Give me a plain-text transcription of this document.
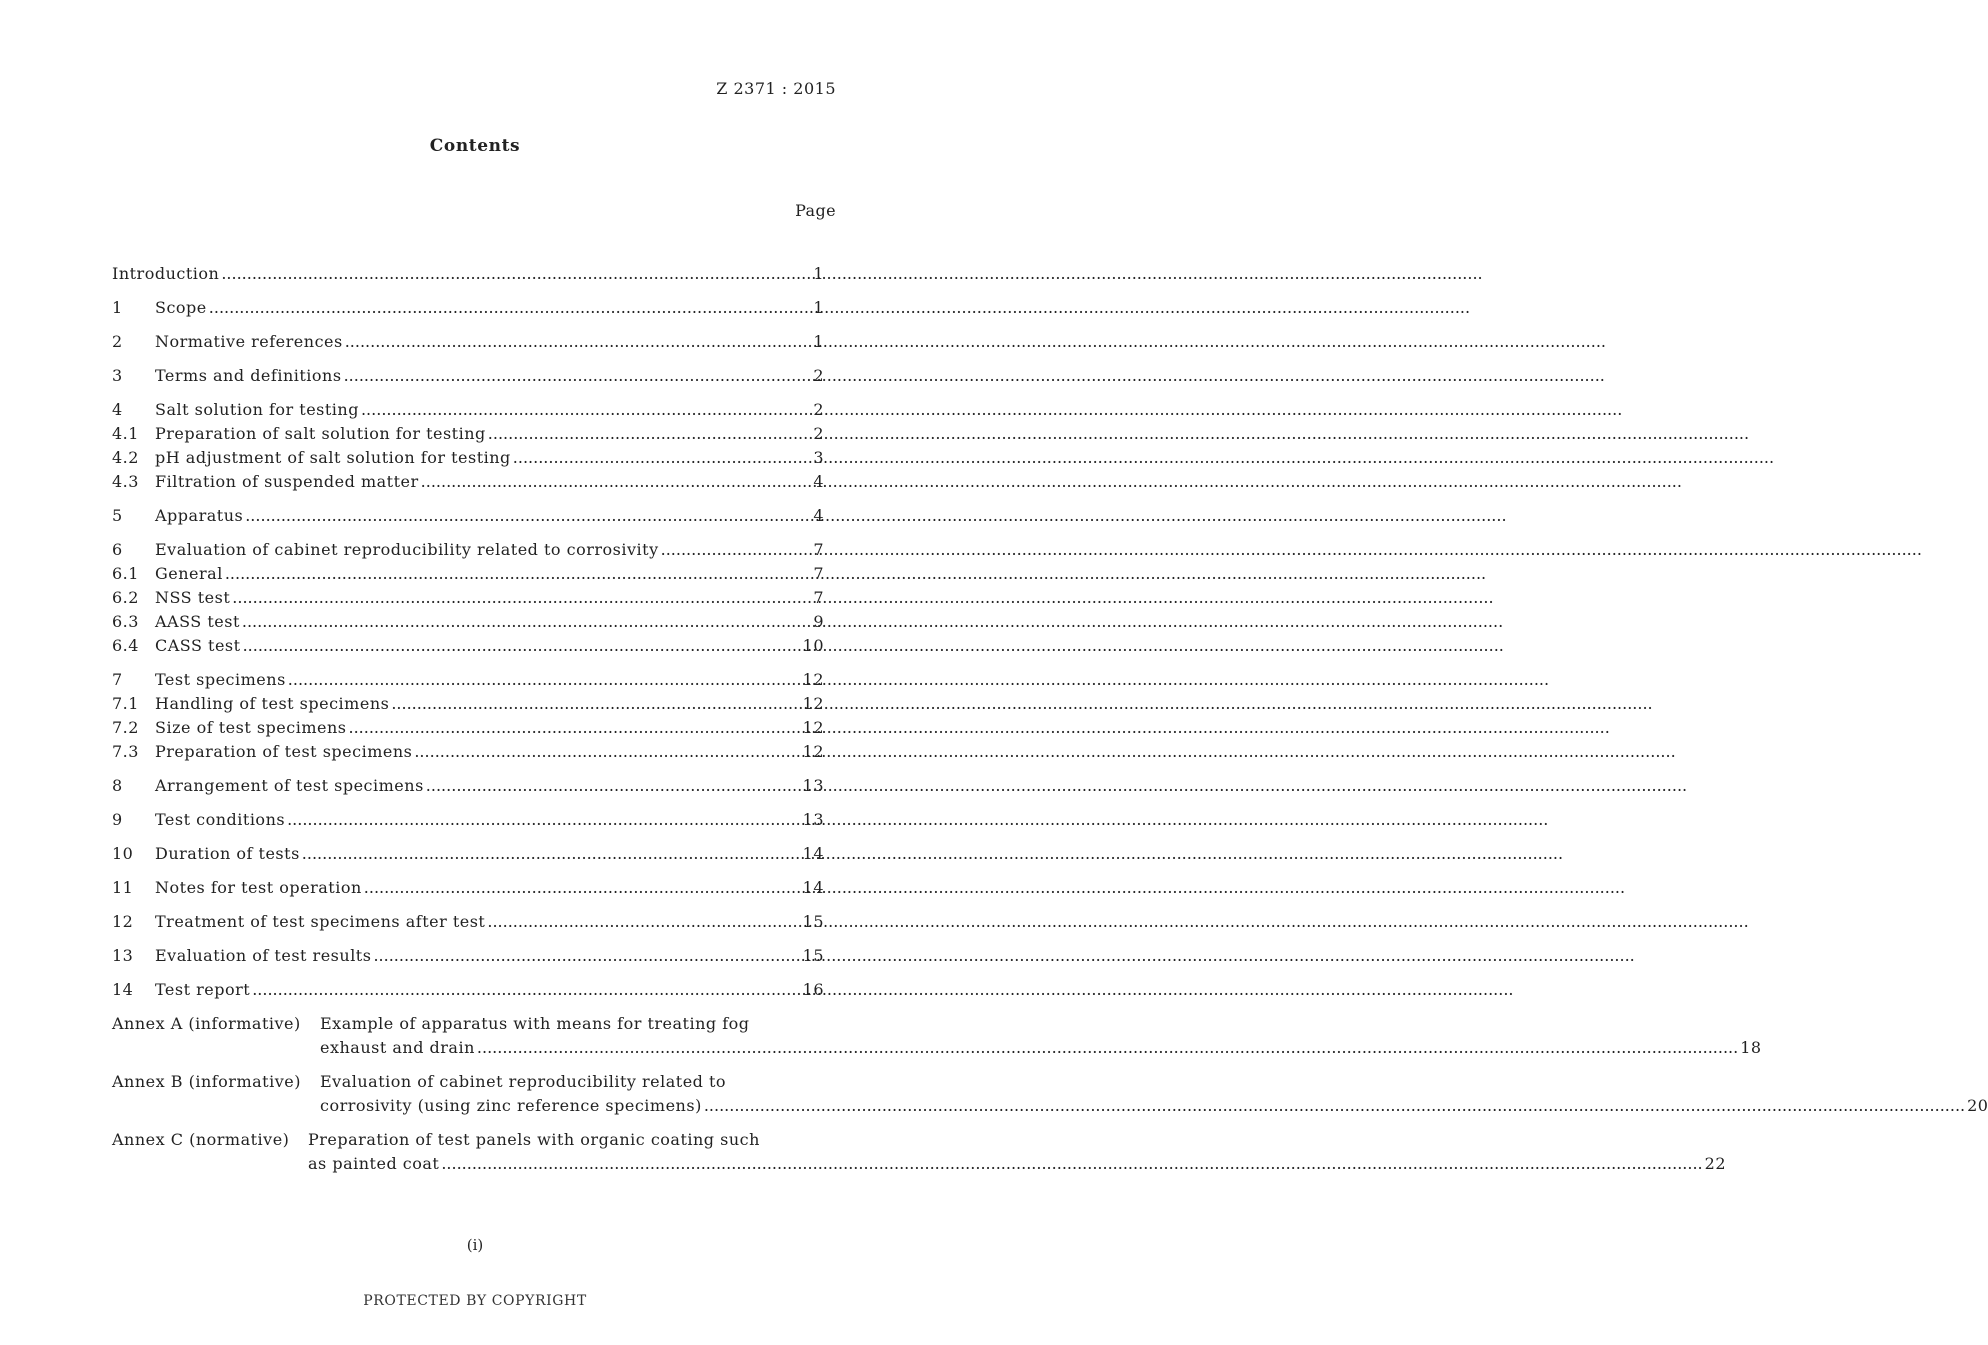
Z 2371 : 2015
Contents
Page
Introduction .....	1
1	Scope .....	1
2	Normative references .....	1
3	Terms and definitions .....	2
4	Salt solution for testing .....	2
4.1	Preparation of salt solution for testing .....	2
4.2	pH adjustment of salt solution for testing .....	3
4.3	Filtration of suspended matter .....	4
5	Apparatus .....	4
6	Evaluation of cabinet reproducibility related to corrosivity .....	7
6.1	General .....	7
6.2	NSS test .....	7
6.3	AASS test .....	9
6.4	CASS test .....	10
7	Test specimens .....	12
7.1	Handling of test specimens .....	12
7.2	Size of test specimens .....	12
7.3	Preparation of test specimens .....	12
8	Arrangement of test specimens .....	13
9	Test conditions .....	13
10	Duration of tests .....	14
11	Notes for test operation .....	14
12	Treatment of test specimens after test .....	15
13	Evaluation of test results .....	15
14	Test report .....	16
Annex A (informative)	Example of apparatus with means for treating fog
exhaust and drain .....	18
Annex B (informative)	Evaluation of cabinet reproducibility related to
corrosivity (using zinc reference specimens) .....	20
Annex C (normative)	Preparation of test panels with organic coating such
as painted coat .....	22
(i)
PROTECTED BY COPYRIGHT
